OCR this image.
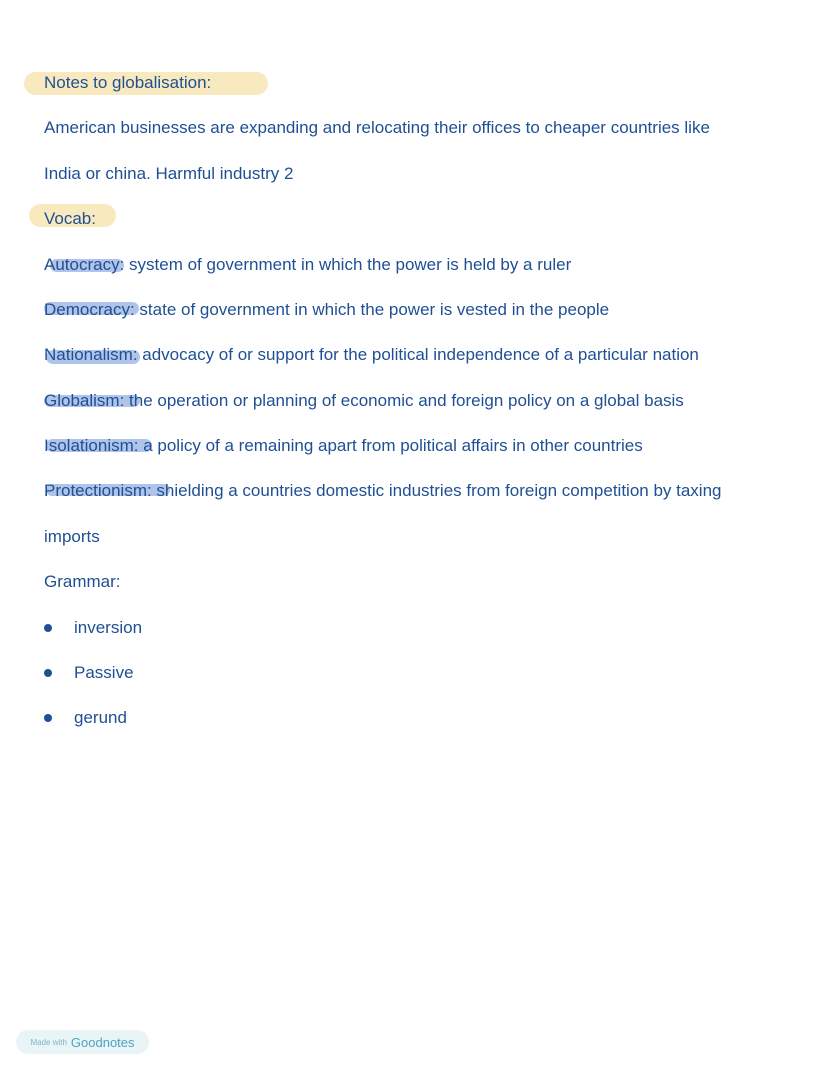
Notes to globalisation:
American businesses are expanding and relocating their offices to cheaper countries like
India or china. Harmful industry 2
Vocab:
Autocracy: system of government in which the power is held by a ruler
Democracy: state of government in which the power is vested in the people
Nationalism: advocacy of or support for the political independence of a particular nation
Globalism: the operation or planning of economic and foreign policy on a global basis
Isolationism: a policy of a remaining apart from political affairs in other countries
Protectionism: shielding a countries domestic industries from foreign competition by taxing
imports
Grammar:
inversion
Passive
gerund
Made with Goodnotes
